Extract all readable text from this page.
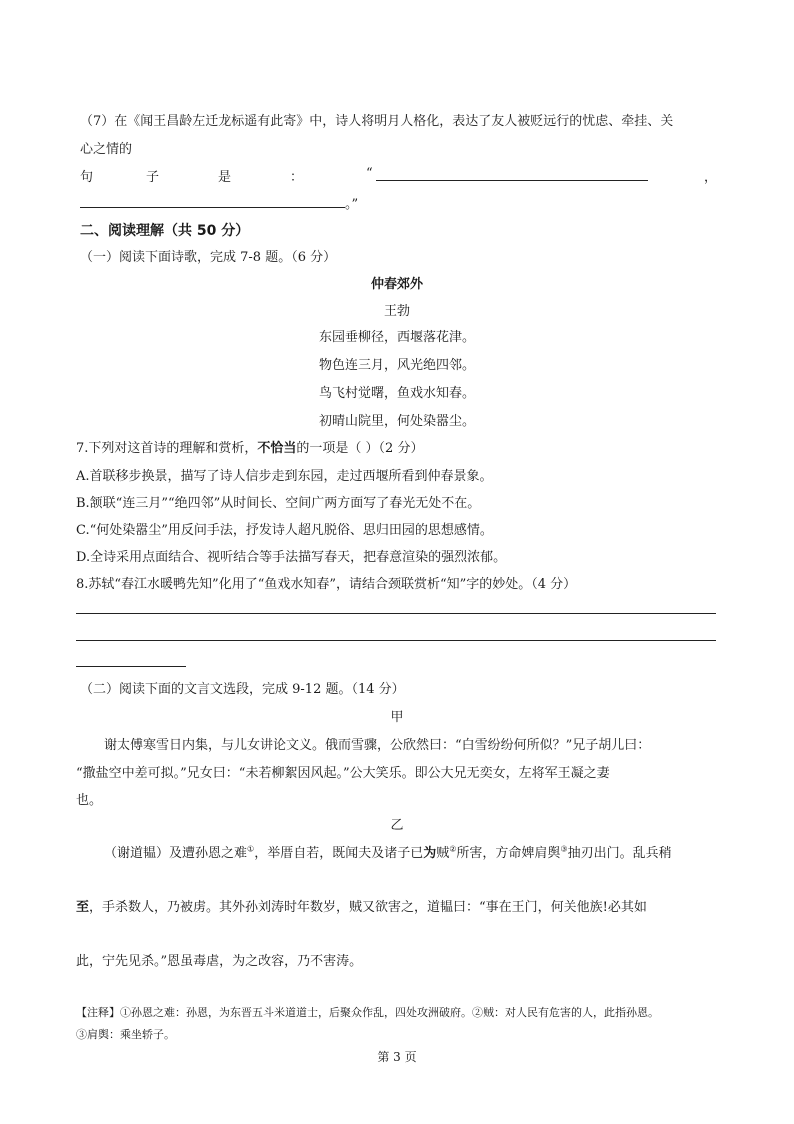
（7）在《闻王昌龄左迁龙标遥有此寄》中，诗人将明月人格化，表达了友人被贬远行的忧虑、牵挂、关
心之情的
句	子	是	：	“	，
。”
二、阅读理解（共 50 分）
（一）阅读下面诗歌，完成 7-8 题。（6 分）
仲春郊外
王勃
东园垂柳径，西堰落花津。
物色连三月，风光绝四邻。
鸟飞村觉曙，鱼戏水知春。
初晴山院里，何处染嚣尘。
7.下列对这首诗的理解和赏析，不恰当的一项是（ ）（2 分）
A.首联移步换景，描写了诗人信步走到东园，走过西堰所看到仲春景象。
B.颔联“连三月”“绝四邻”从时间长、空间广两方面写了春光无处不在。
C.“何处染嚣尘”用反问手法，抒发诗人超凡脱俗、思归田园的思想感情。
D.全诗采用点面结合、视听结合等手法描写春天，把春意渲染的强烈浓郁。
8.苏轼“春江水暖鸭先知”化用了“鱼戏水知春”，请结合颈联赏析“知”字的妙处。（4 分）
（二）阅读下面的文言文选段，完成 9-12 题。（14 分）
甲
谢太傅寒雪日内集，与儿女讲论文义。俄而雪骤，公欣然曰：“白雪纷纷何所似？”兄子胡儿曰：
“撒盐空中差可拟。”兄女曰：“未若柳絮因风起。”公大笑乐。即公大兄无奕女，左将军王凝之妻
也。
乙
（谢道韫）及遭孙恩之难①，举厝自若，既闻夫及诸子已为贼②所害，方命婢肩舆③抽刃出门。乱兵稍
至，手杀数人，乃被虏。其外孙刘涛时年数岁，贼又欲害之，道韫曰：“事在王门，何关他族!必其如
此，宁先见杀。”恩虽毒虐，为之改容，乃不害涛。
【注释】①孙恩之难：孙恩，为东晋五斗米道道士，后聚众作乱，四处攻洲破府。②贼：对人民有危害的人，此指孙恩。
③肩舆：乘坐轿子。
第 3 页
